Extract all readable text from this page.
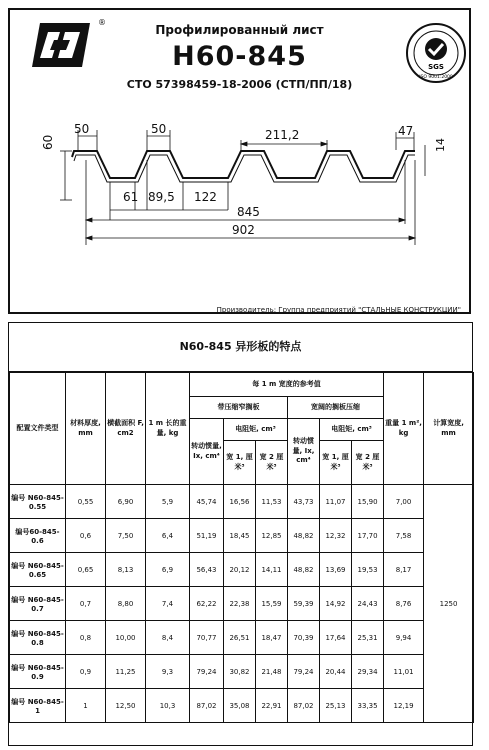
®
Профилированный лист
Н60-845
СТО 57398459-18-2006 (СТП/ПП/18)
SGS
ISO 9001:2000
60
50	50	211,2	47
14
61 89,5 122
845
902
Производитель: Группа предприятий "СТАЛЬНЫЕ КОНСТРУКЦИИ"
N60-845 异形板的特点
配置文件类型	材料厚度, mm	横截面积 F, cm2	1 m 长的重量, kg	每 1 m 宽度的参考值						重量 1 m², kg	计算宽度, mm
				带压缩窄搁板			宽阔的搁板压缩				
				转动惯量, Ix, cm⁴	电阻矩, cm³		转动惯量, Ix, cm⁴	电阻矩, cm³			
					宽 1, 厘米³	宽 2 厘米³		宽 1, 厘米³	宽 2 厘米³		
编号 N60-845-0.55	0,55	6,90	5,9	45,74	16,56	11,53	43,73	11,07	15,90	7,00	1250
编号60-845-0.6	0,6	7,50	6,4	51,19	18,45	12,85	48,82	12,32	17,70	7,58	
编号 N60-845-0.65	0,65	8,13	6,9	56,43	20,12	14,11	48,82	13,69	19,53	8,17	
编号 N60-845-0.7	0,7	8,80	7,4	62,22	22,38	15,59	59,39	14,92	24,43	8,76	
编号 N60-845-0.8	0,8	10,00	8,4	70,77	26,51	18,47	70,39	17,64	25,31	9,94	
编号 N60-845-0.9	0,9	11,25	9,3	79,24	30,82	21,48	79,24	20,44	29,34	11,01	
编号 N60-845-1	1	12,50	10,3	87,02	35,08	22,91	87,02	25,13	33,35	12,19	
